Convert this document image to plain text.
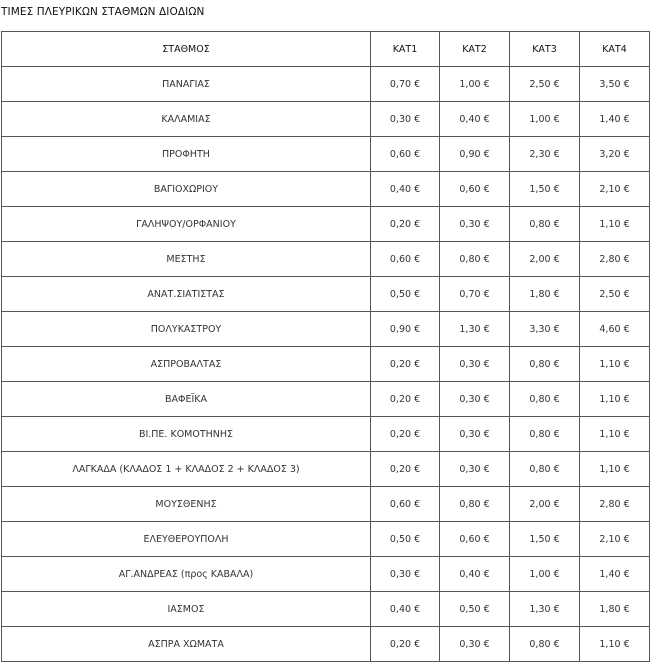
ΤΙΜΕΣ ΠΛΕΥΡΙΚΩΝ ΣΤΑΘΜΩΝ ΔΙΟΔΙΩΝ
ΣΤΑΘΜΟΣ	ΚΑΤ1	ΚΑΤ2	ΚΑΤ3	ΚΑΤ4
ΠΑΝΑΓΙΑΣ	0,70 €	1,00 €	2,50 €	3,50 €
ΚΑΛΑΜΙΑΣ	0,30 €	0,40 €	1,00 €	1,40 €
ΠΡΟΦΗΤΗ	0,60 €	0,90 €	2,30 €	3,20 €
ΒΑΓΙΟΧΩΡΙΟΥ	0,40 €	0,60 €	1,50 €	2,10 €
ΓΑΛΗΨΟΥ/ΟΡΦΑΝΙΟΥ	0,20 €	0,30 €	0,80 €	1,10 €
ΜΕΣΤΗΣ	0,60 €	0,80 €	2,00 €	2,80 €
ΑΝΑΤ.ΣΙΑΤΙΣΤΑΣ	0,50 €	0,70 €	1,80 €	2,50 €
ΠΟΛΥΚΑΣΤΡΟΥ	0,90 €	1,30 €	3,30 €	4,60 €
ΑΣΠΡΟΒΑΛΤΑΣ	0,20 €	0,30 €	0,80 €	1,10 €
ΒΑΦΕΪΚΑ	0,20 €	0,30 €	0,80 €	1,10 €
ΒΙ.ΠΕ. ΚΟΜΟΤΗΝΗΣ	0,20 €	0,30 €	0,80 €	1,10 €
ΛΑΓΚΑΔΑ (ΚΛΑΔΟΣ 1 + ΚΛΑΔΟΣ 2 + ΚΛΑΔΟΣ 3)	0,20 €	0,30 €	0,80 €	1,10 €
ΜΟΥΣΘΕΝΗΣ	0,60 €	0,80 €	2,00 €	2,80 €
ΕΛΕΥΘΕΡΟΥΠΟΛΗ	0,50 €	0,60 €	1,50 €	2,10 €
ΑΓ.ΑΝΔΡΕΑΣ (προς ΚΑΒΑΛΑ)	0,30 €	0,40 €	1,00 €	1,40 €
ΙΑΣΜΟΣ	0,40 €	0,50 €	1,30 €	1,80 €
ΑΣΠΡΑ ΧΩΜΑΤΑ	0,20 €	0,30 €	0,80 €	1,10 €
